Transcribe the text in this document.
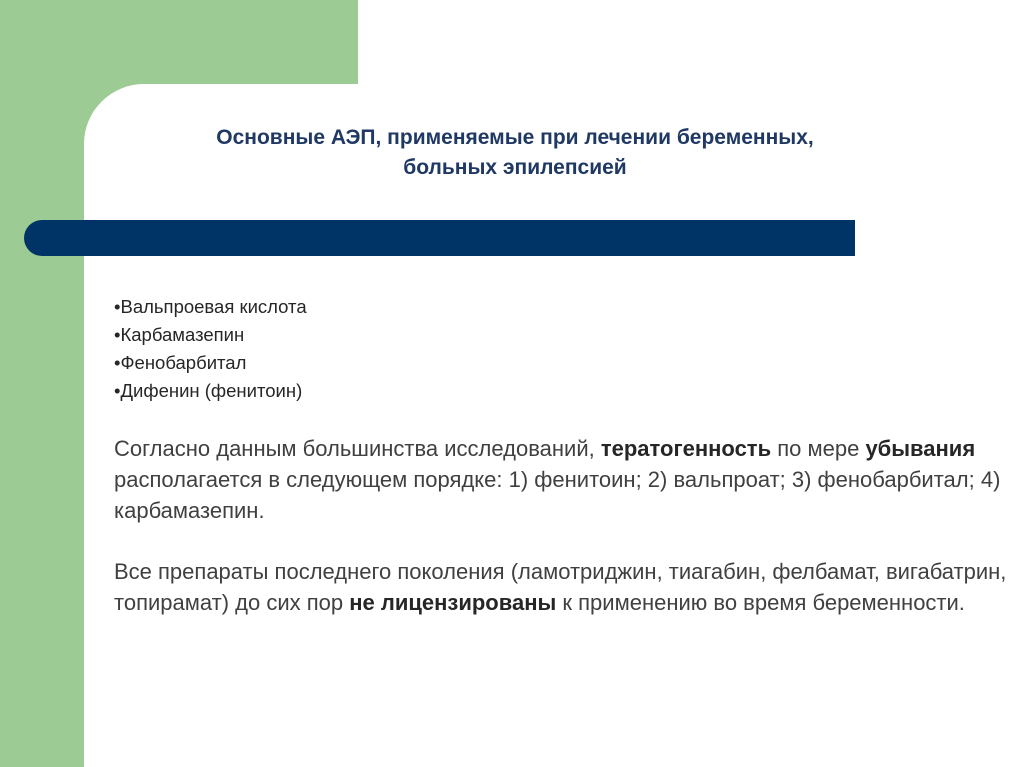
Основные АЭП, применяемые при лечении беременных,
больных эпилепсией
• Вальпроевая кислота
• Карбамазепин
• Фенобарбитал
• Дифенин (фенитоин)

Согласно данным большинства исследований, тератогенность по мере убывания располагается в следующем порядке: 1) фенитоин; 2) вальпроат; 3) фенобарбитал; 4) карбамазепин.

Все препараты последнего поколения (ламотриджин, тиагабин, фелбамат, вигабатрин, топирамат) до сих пор не лицензированы к применению во время беременности.
